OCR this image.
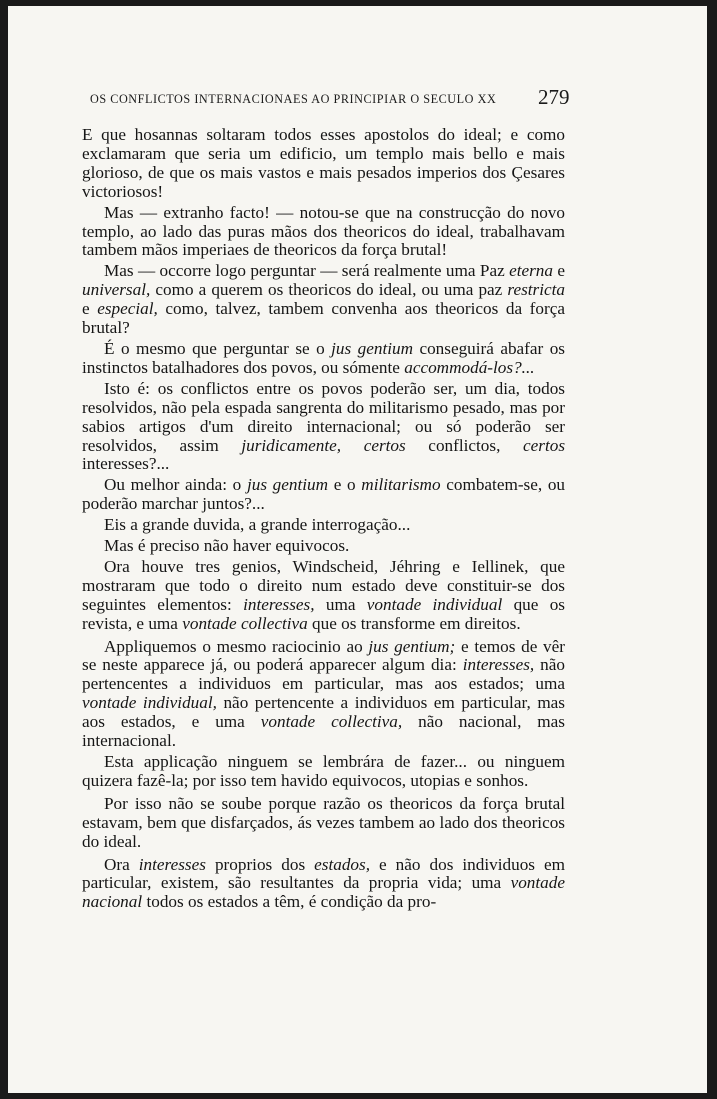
OS CONFLICTOS INTERNACIONAES AO PRINCIPIAR O SECULO XX	279

E que hosannas soltaram todos esses apostolos do ideal; e como exclamaram que seria um edificio, um templo mais bello e mais glorioso, de que os mais vastos e mais pesados imperios dos Çesares victoriosos!

Mas — extranho facto! — notou-se que na construcção do novo templo, ao lado das puras mãos dos theoricos do ideal, trabalhavam tambem mãos imperiaes de theoricos da força brutal!

Mas — occorre logo perguntar — será realmente uma Paz eterna e universal, como a querem os theoricos do ideal, ou uma paz restricta e especial, como, talvez, tambem convenha aos theoricos da força brutal?

É o mesmo que perguntar se o jus gentium conseguirá abafar os instinctos batalhadores dos povos, ou sómente accommodá-los?...

Isto é: os conflictos entre os povos poderão ser, um dia, todos resolvidos, não pela espada sangrenta do militarismo pesado, mas por sabios artigos d'um direito internacional; ou só poderão ser resolvidos, assim juridicamente, certos conflictos, certos interesses?...

Ou melhor ainda: o jus gentium e o militarismo combatem-se, ou poderão marchar juntos?...

Eis a grande duvida, a grande interrogação...

Mas é preciso não haver equivocos.

Ora houve tres genios, Windscheid, Jéhring e Iellinek, que mostraram que todo o direito num estado deve constituir-se dos seguintes elementos: interesses, uma vontade individual que os revista, e uma vontade collectiva que os transforme em direitos.

Appliquemos o mesmo raciocinio ao jus gentium; e temos de vêr se neste apparece já, ou poderá apparecer algum dia: interesses, não pertencentes a individuos em particular, mas aos estados; uma vontade individual, não pertencente a individuos em particular, mas aos estados, e uma vontade collectiva, não nacional, mas internacional.

Esta applicação ninguem se lembrára de fazer... ou ninguem quizera fazê-la; por isso tem havido equivocos, utopias e sonhos.

Por isso não se soube porque razão os theoricos da força brutal estavam, bem que disfarçados, ás vezes tambem ao lado dos theoricos do ideal.

Ora interesses proprios dos estados, e não dos individuos em particular, existem, são resultantes da propria vida; uma vontade nacional todos os estados a têm, é condição da pro-
